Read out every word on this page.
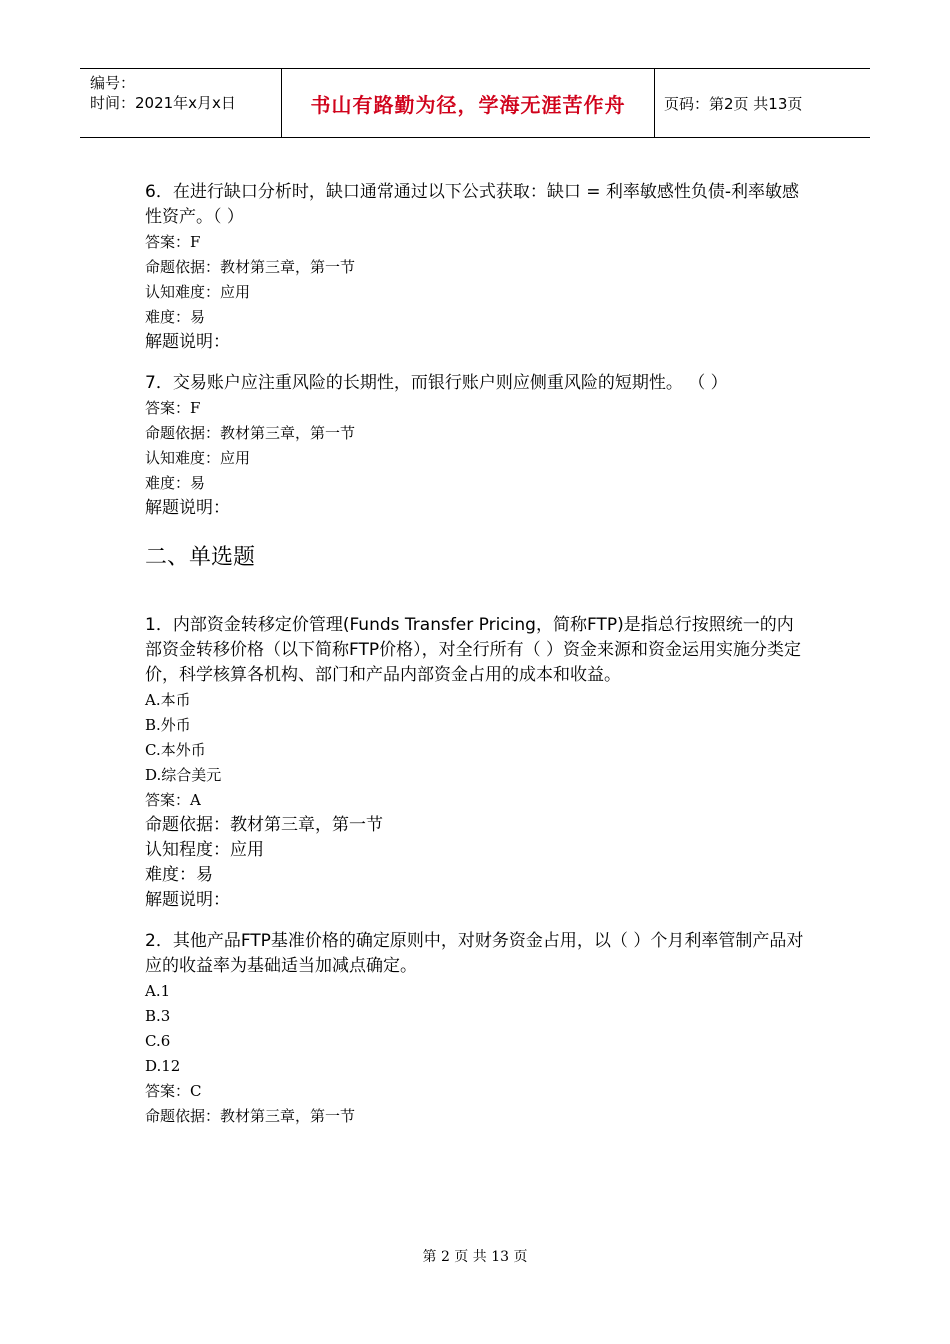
编号：
时间：2021年x月x日	书山有路勤为径，学海无涯苦作舟	页码：第2页 共13页
6．在进行缺口分析时，缺口通常通过以下公式获取：缺口 = 利率敏感性负债-利率敏感性资产。（ ）
答案：F
命题依据：教材第三章，第一节
认知难度：应用
难度：易
解题说明：
7．交易账户应注重风险的长期性，而银行账户则应侧重风险的短期性。 （ ）
答案：F
命题依据：教材第三章，第一节
认知难度：应用
难度：易
解题说明：
二、单选题
1．内部资金转移定价管理(Funds Transfer Pricing，简称FTP)是指总行按照统一的内部资金转移价格（以下简称FTP价格），对全行所有（ ）资金来源和资金运用实施分类定价，科学核算各机构、部门和产品内部资金占用的成本和收益。
A.本币
B.外币
C.本外币
D.综合美元
答案：A
命题依据：教材第三章，第一节
认知程度：应用
难度：易
解题说明：
2．其他产品FTP基准价格的确定原则中，对财务资金占用，以（ ）个月利率管制产品对应的收益率为基础适当加减点确定。
A.1
B.3
C.6
D.12
答案：C
命题依据：教材第三章，第一节
第 2 页 共 13 页
